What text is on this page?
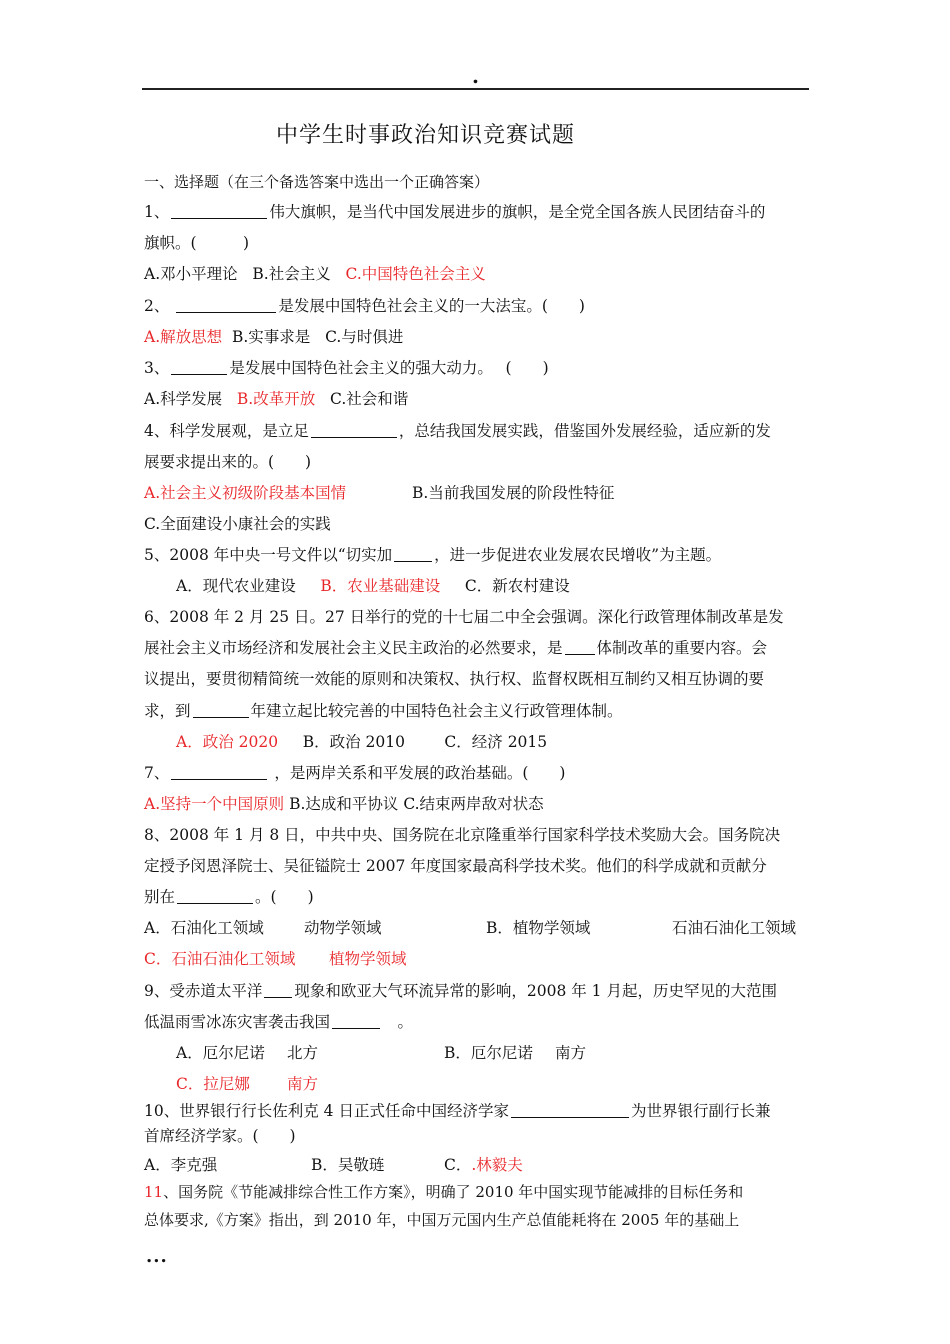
.
中学生时事政治知识竞赛试题
一、选择题（在三个备选答案中选出一个正确答案）
1、	伟大旗帜，是当代中国发展进步的旗帜，是全党全国各族人民团结奋斗的
旗帜。(　　　)
A.邓小平理论 B.社会主义 C.中国特色社会主义
2、	是发展中国特色社会主义的一大法宝。(　　)
A.解放思想 B.实事求是 C.与时俱进
3、	是发展中国特色社会主义的强大动力。　 (　　)
A.科学发展 B.改革开放 C.社会和谐
4、科学发展观，是立足	，总结我国发展实践，借鉴国外发展经验，适应新的发
展要求提出来的。(　　)
A.社会主义初级阶段基本国情	B.当前我国发展的阶段性特征
C.全面建设小康社会的实践
5、2008 年中央一号文件以“切实加	，进一步促进农业发展农民增收”为主题。
A．现代农业建设 B．农业基础建设 C．新农村建设
6、2008 年 2 月 25 日。27 日举行的党的十七届二中全会强调。深化行政管理体制改革是发
展社会主义市场经济和发展社会主义民主政治的必然要求，是 体制改革的重要内容。会
议提出，要贯彻精简统一效能的原则和决策权、执行权、监督权既相互制约又相互协调的要
求，到	年建立起比较完善的中国特色社会主义行政管理体制。
A．政治 2020 B．政治 2010	C．经济 2015
7、	，是两岸关系和平发展的政治基础。(　　)
A.坚持一个中国原则 B.达成和平协议 C.结束两岸敌对状态
8、2008 年 1 月 8 日，中共中央、国务院在北京隆重举行国家科学技术奖励大会。国务院决
定授予闵恩泽院士、吴征镒院士 2007 年度国家最高科学技术奖。他们的科学成就和贡献分
别在	。(　　)
A．石油化工领域	动物学领域	B．植物学领域	石油石油化工领域
C．石油石油化工领域 植物学领域
9、受赤道太平洋 现象和欧亚大气环流异常的影响，2008 年 1 月起，历史罕见的大范围
低温雨雪冰冻灾害袭击我国	　。
A．厄尔尼诺 北方	B．厄尔尼诺 南方
C．拉尼娜 南方
10、世界银行行长佐利克 4 日正式任命中国经济学家	为世界银行副行长兼
首席经济学家。(　　)
A．李克强	B．吴敬琏	C．.林毅夫
11、国务院《节能减排综合性工作方案》，明确了 2010 年中国实现节能减排的目标任务和
总体要求,《方案》指出，到 2010 年，中国万元国内生产总值能耗将在 2005 年的基础上
...
